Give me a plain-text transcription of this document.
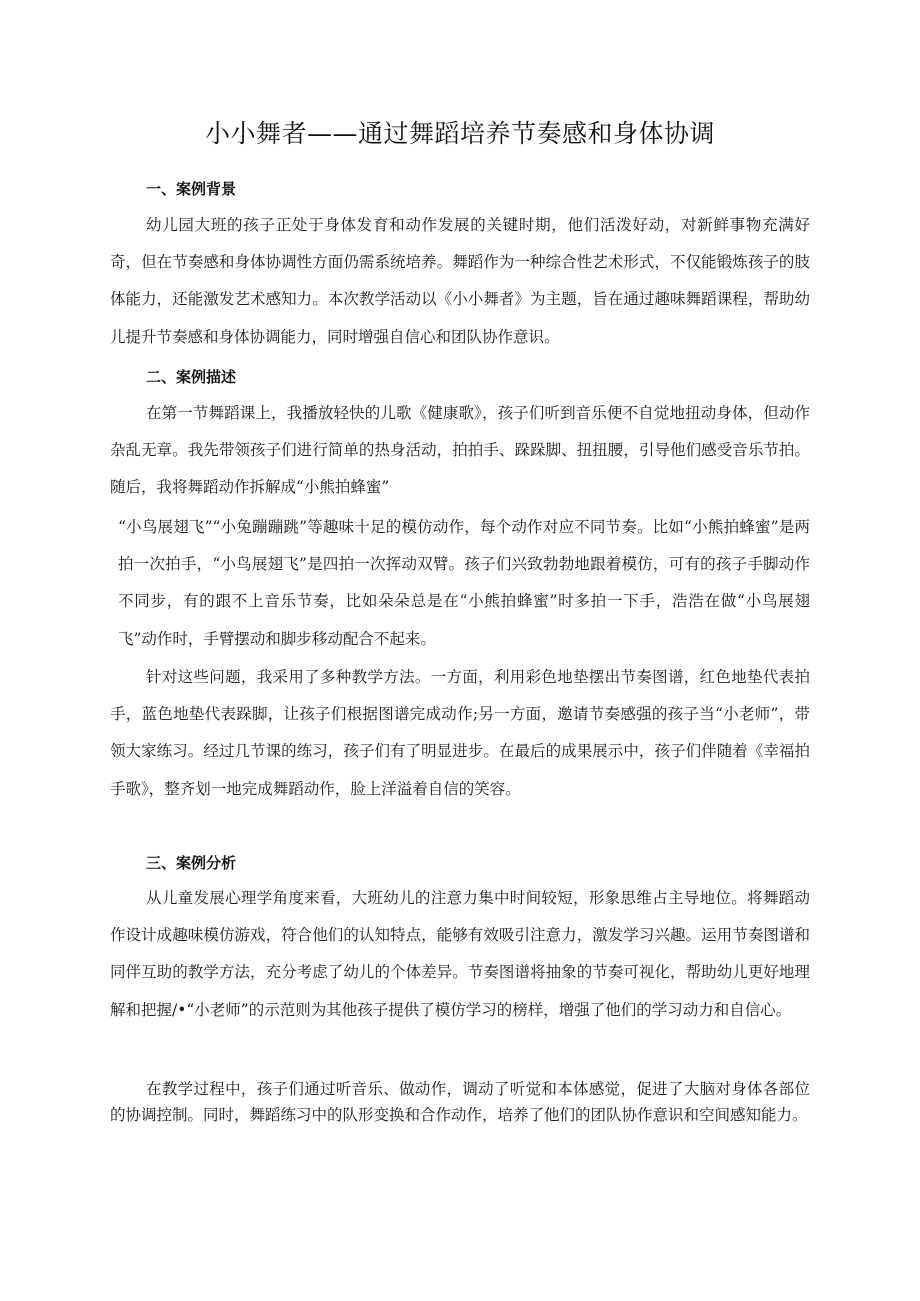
小小舞者——通过舞蹈培养节奏感和身体协调
一、案例背景

幼儿园大班的孩子正处于身体发育和动作发展的关键时期，他们活泼好动，对新鲜事物充满好奇，但在节奏感和身体协调性方面仍需系统培养。舞蹈作为一种综合性艺术形式，不仅能锻炼孩子的肢体能力，还能激发艺术感知力。本次教学活动以《小小舞者》为主题，旨在通过趣味舞蹈课程，帮助幼儿提升节奏感和身体协调能力，同时增强自信心和团队协作意识。

二、案例描述

在第一节舞蹈课上，我播放轻快的儿歌《健康歌》，孩子们听到音乐便不自觉地扭动身体，但动作杂乱无章。我先带领孩子们进行简单的热身活动，拍拍手、跺跺脚、扭扭腰，引导他们感受音乐节拍。随后，我将舞蹈动作拆解成“小熊拍蜂蜜”

“小鸟展翅飞”“小兔蹦蹦跳”等趣味十足的模仿动作，每个动作对应不同节奏。比如“小熊拍蜂蜜”是两拍一次拍手，“小鸟展翅飞”是四拍一次挥动双臂。孩子们兴致勃勃地跟着模仿，可有的孩子手脚动作不同步，有的跟不上音乐节奏，比如朵朵总是在“小熊拍蜂蜜”时多拍一下手，浩浩在做“小鸟展翅飞”动作时，手臂摆动和脚步移动配合不起来。

针对这些问题，我采用了多种教学方法。一方面，利用彩色地垫摆出节奏图谱，红色地垫代表拍手，蓝色地垫代表跺脚，让孩子们根据图谱完成动作;另一方面，邀请节奏感强的孩子当“小老师”，带领大家练习。经过几节课的练习，孩子们有了明显进步。在最后的成果展示中，孩子们伴随着《幸福拍手歌》，整齐划一地完成舞蹈动作，脸上洋溢着自信的笑容。

三、案例分析

从儿童发展心理学角度来看，大班幼儿的注意力集中时间较短，形象思维占主导地位。将舞蹈动作设计成趣味模仿游戏，符合他们的认知特点，能够有效吸引注意力，激发学习兴趣。运用节奏图谱和同伴互助的教学方法，充分考虑了幼儿的个体差异。节奏图谱将抽象的节奏可视化，帮助幼儿更好地理解和把握/•“小老师”的示范则为其他孩子提供了模仿学习的榜样，增强了他们的学习动力和自信心。

在教学过程中，孩子们通过听音乐、做动作，调动了听觉和本体感觉，促进了大脑对身体各部位的协调控制。同时，舞蹈练习中的队形变换和合作动作，培养了他们的团队协作意识和空间感知能力。
